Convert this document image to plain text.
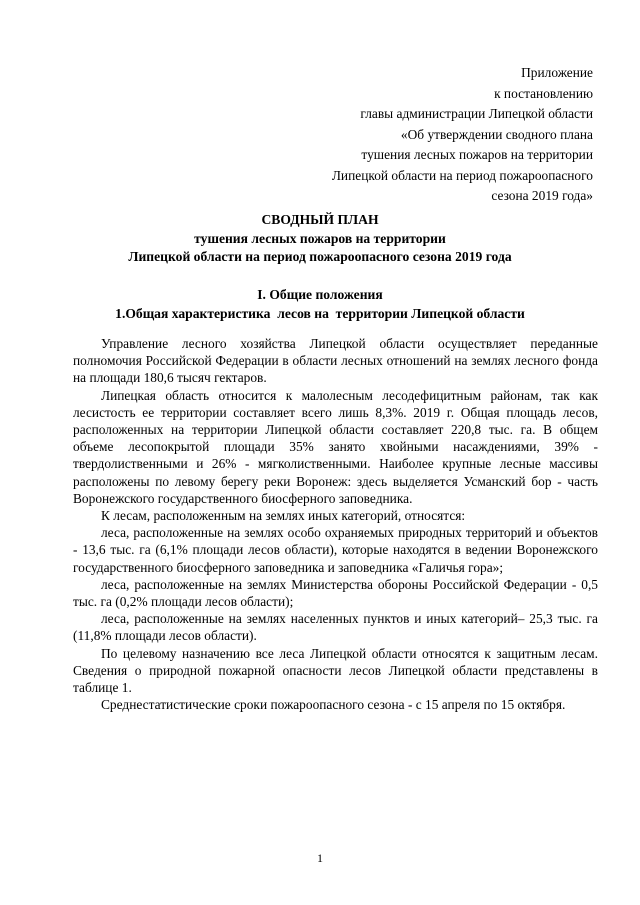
Приложение
к постановлению
главы администрации Липецкой области
«Об утверждении сводного плана
тушения лесных пожаров на территории
Липецкой области на период пожароопасного
сезона 2019 года»
СВОДНЫЙ ПЛАН
тушения лесных пожаров на территории
Липецкой области на период пожароопасного сезона 2019 года
I. Общие положения
1.Общая характеристика  лесов на  территории Липецкой области

Управление лесного хозяйства Липецкой области осуществляет переданные полномочия Российской Федерации в области лесных отношений на землях лесного фонда на площади 180,6 тысяч гектаров.

Липецкая область относится к малолесным лесодефицитным районам, так как лесистость ее территории составляет всего лишь 8,3%. 2019 г. Общая площадь лесов, расположенных на территории Липецкой области составляет 220,8 тыс. га. В общем объеме лесопокрытой площади 35% занято хвойными насаждениями, 39% - твердолиственными и 26% - мягколиственными. Наиболее крупные лесные массивы расположены по левому берегу реки Воронеж: здесь выделяется Усманский бор - часть Воронежского государственного биосферного заповедника.

К лесам, расположенным на землях иных категорий, относятся:

леса, расположенные на землях особо охраняемых природных территорий и объектов - 13,6 тыс. га (6,1% площади лесов области), которые находятся в ведении Воронежского государственного биосферного заповедника и заповедника «Галичья гора»;

леса, расположенные на землях Министерства обороны Российской Федерации - 0,5 тыс. га (0,2% площади лесов области);

леса, расположенные на землях населенных пунктов и иных категорий– 25,3 тыс. га (11,8% площади лесов области).

По целевому назначению все леса Липецкой области относятся к защитным лесам. Сведения о природной пожарной опасности лесов Липецкой области представлены в таблице 1.

Среднестатистические сроки пожароопасного сезона - с 15 апреля по 15 октября.

1
